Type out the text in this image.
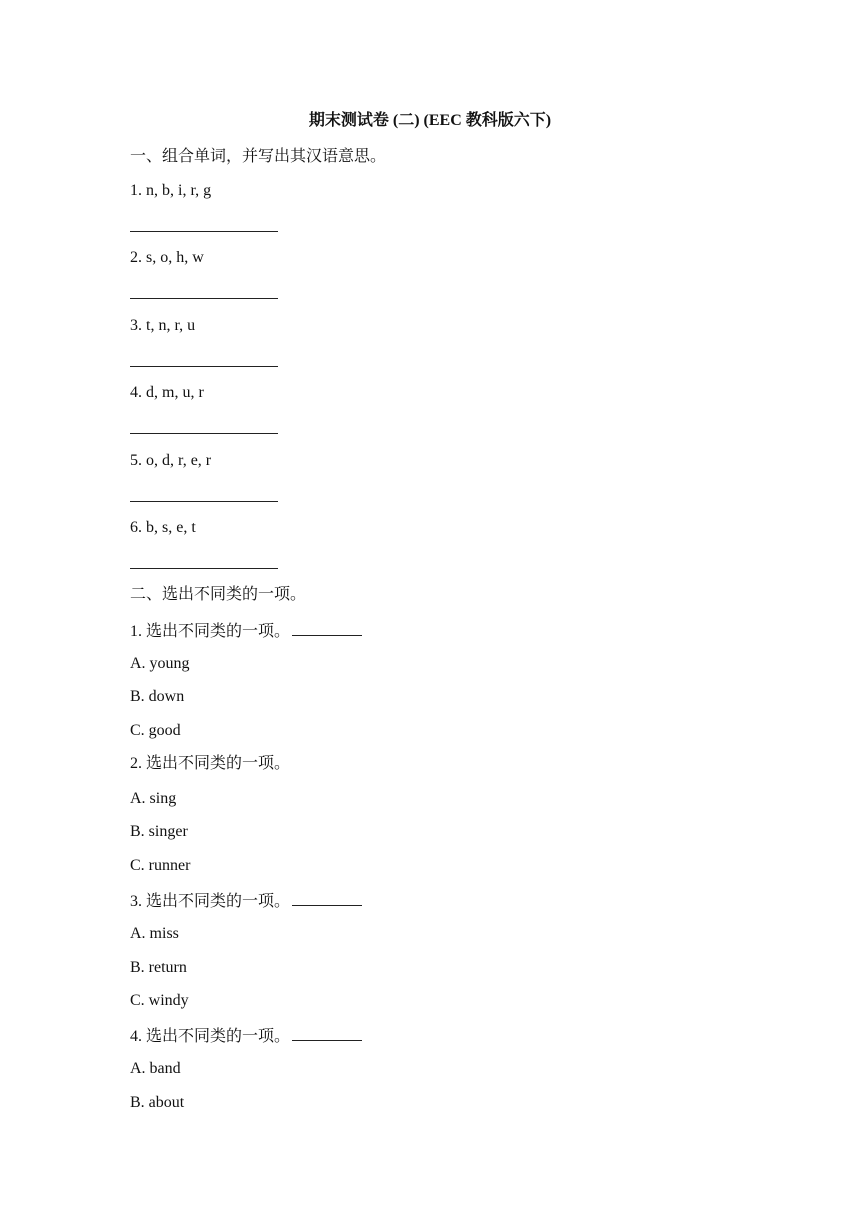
期末测试卷 (二) (EEC 教科版六下)
一、组合单词，并写出其汉语意思。
1. n, b, i, r, g
2. s, o, h, w
3. t, n, r, u
4. d, m, u, r
5. o, d, r, e, r
6. b, s, e, t
二、选出不同类的一项。
1. 选出不同类的一项。
A. young
B. down
C. good
2. 选出不同类的一项。
A. sing
B. singer
C. runner
3. 选出不同类的一项。
A. miss
B. return
C. windy
4. 选出不同类的一项。
A. band
B. about
